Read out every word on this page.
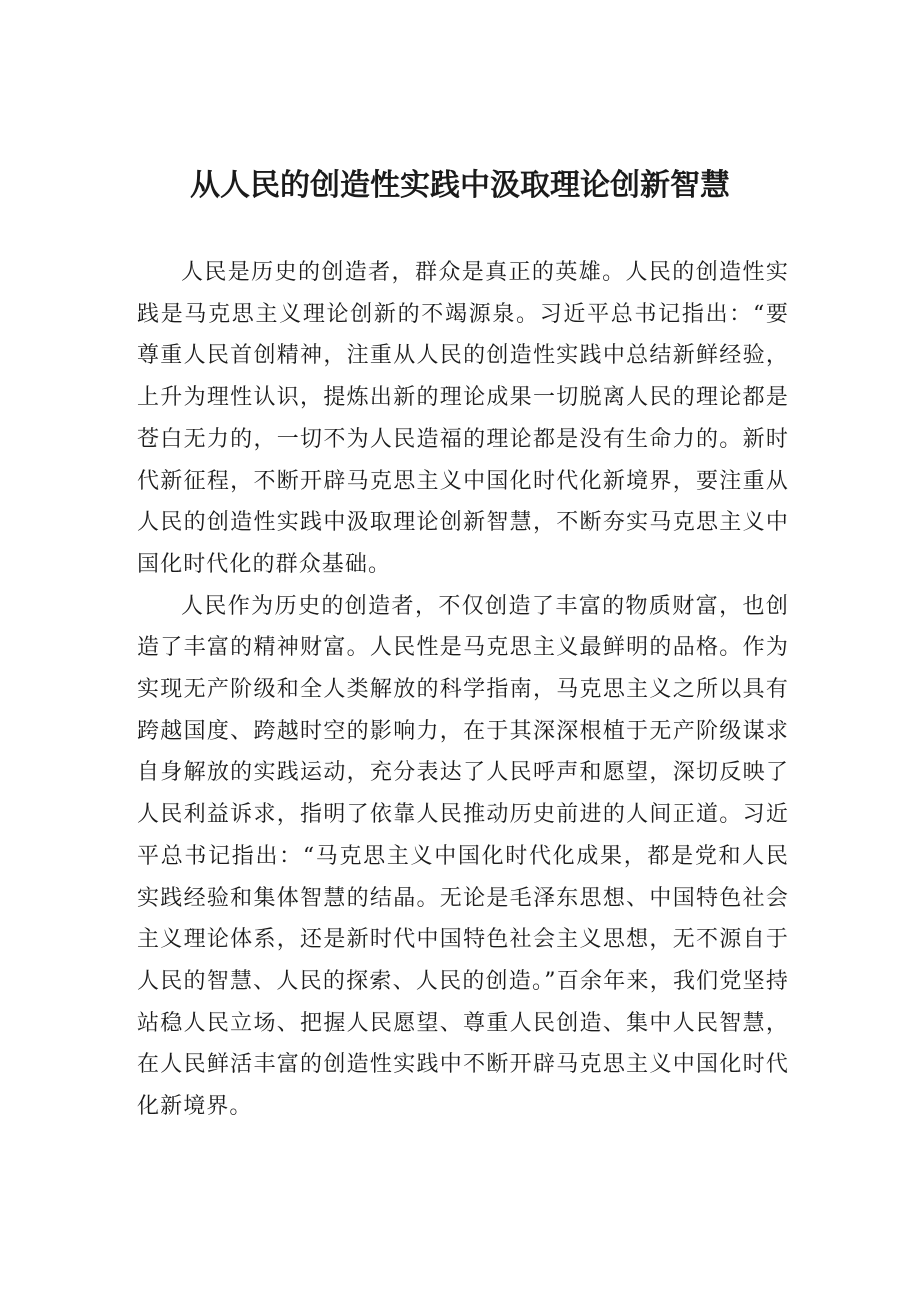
从人民的创造性实践中汲取理论创新智慧

人民是历史的创造者，群众是真正的英雄。人民的创造性实践是马克思主义理论创新的不竭源泉。习近平总书记指出：“要尊重人民首创精神，注重从人民的创造性实践中总结新鲜经验，上升为理性认识，提炼出新的理论成果一切脱离人民的理论都是苍白无力的，一切不为人民造福的理论都是没有生命力的。新时代新征程，不断开辟马克思主义中国化时代化新境界，要注重从人民的创造性实践中汲取理论创新智慧，不断夯实马克思主义中国化时代化的群众基础。

人民作为历史的创造者，不仅创造了丰富的物质财富，也创造了丰富的精神财富。人民性是马克思主义最鲜明的品格。作为实现无产阶级和全人类解放的科学指南，马克思主义之所以具有跨越国度、跨越时空的影响力，在于其深深根植于无产阶级谋求自身解放的实践运动，充分表达了人民呼声和愿望，深切反映了人民利益诉求，指明了依靠人民推动历史前进的人间正道。习近平总书记指出：“马克思主义中国化时代化成果，都是党和人民实践经验和集体智慧的结晶。无论是毛泽东思想、中国特色社会主义理论体系，还是新时代中国特色社会主义思想，无不源自于人民的智慧、人民的探索、人民的创造。”百余年来，我们党坚持站稳人民立场、把握人民愿望、尊重人民创造、集中人民智慧，在人民鲜活丰富的创造性实践中不断开辟马克思主义中国化时代化新境界。
